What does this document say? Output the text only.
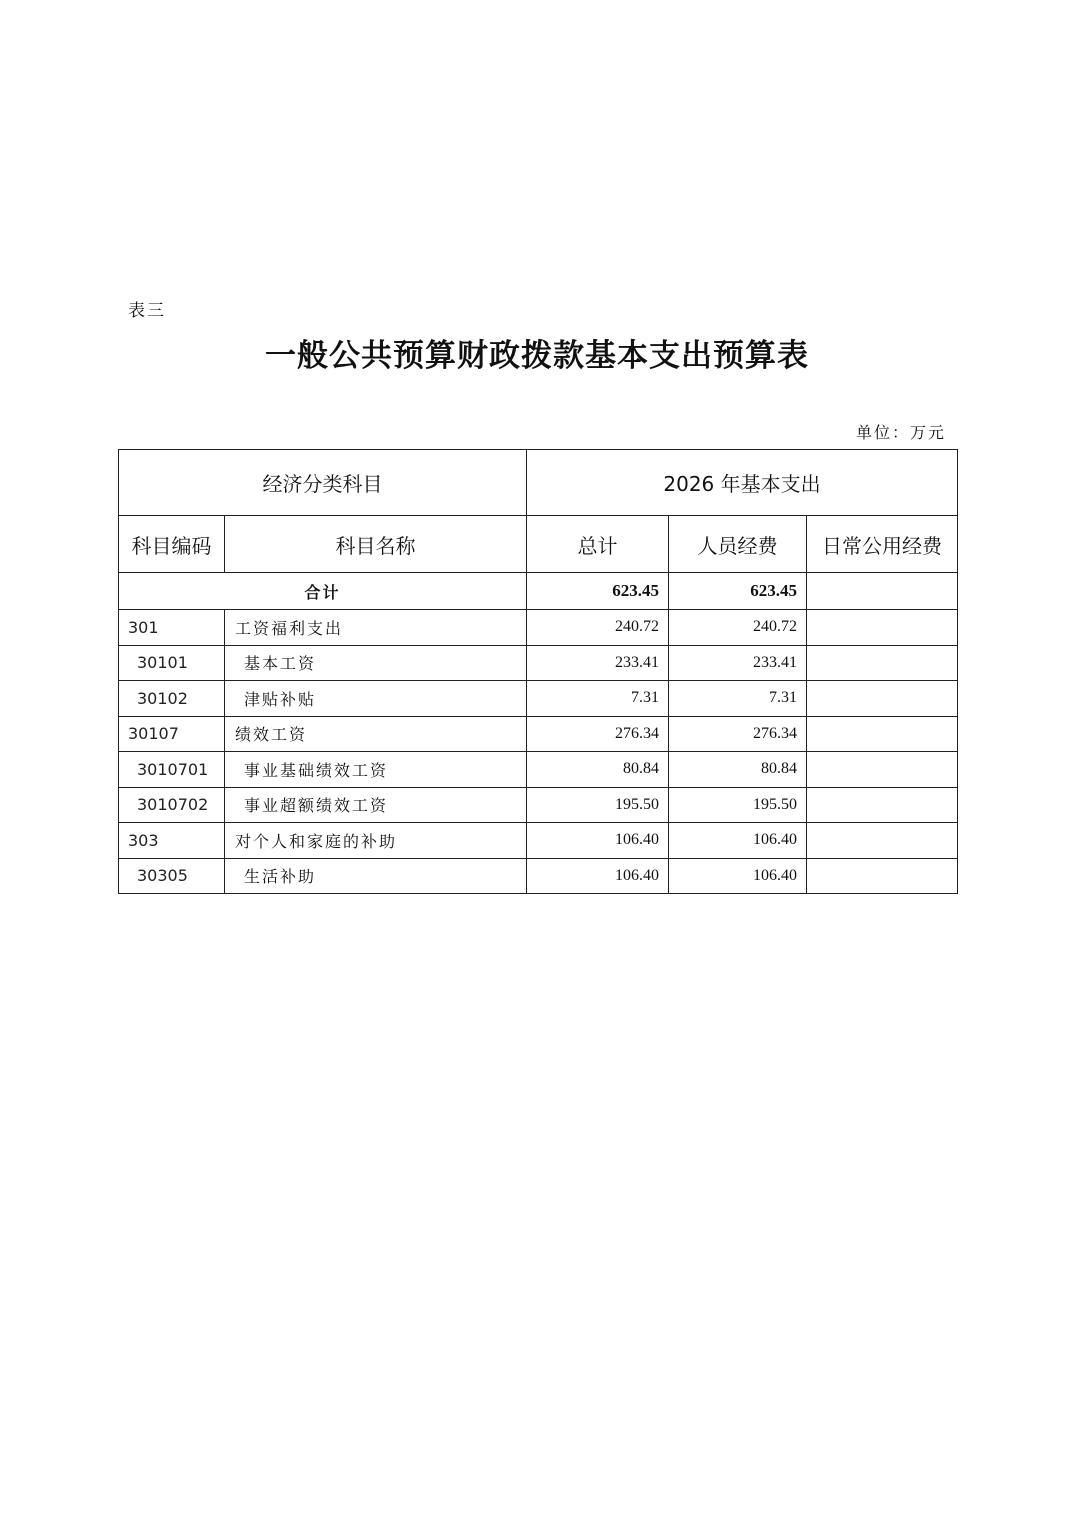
表三
一般公共预算财政拨款基本支出预算表
单位：万元
经济分类科目		2026 年基本支出		
科目编码	科目名称	总计	人员经费	日常公用经费
合计		623.45	623.45	
301	工资福利支出	240.72	240.72	
30101	基本工资	233.41	233.41	
30102	津贴补贴	7.31	7.31	
30107	绩效工资	276.34	276.34	
3010701	事业基础绩效工资	80.84	80.84	
3010702	事业超额绩效工资	195.50	195.50	
303	对个人和家庭的补助	106.40	106.40	
30305	生活补助	106.40	106.40	
